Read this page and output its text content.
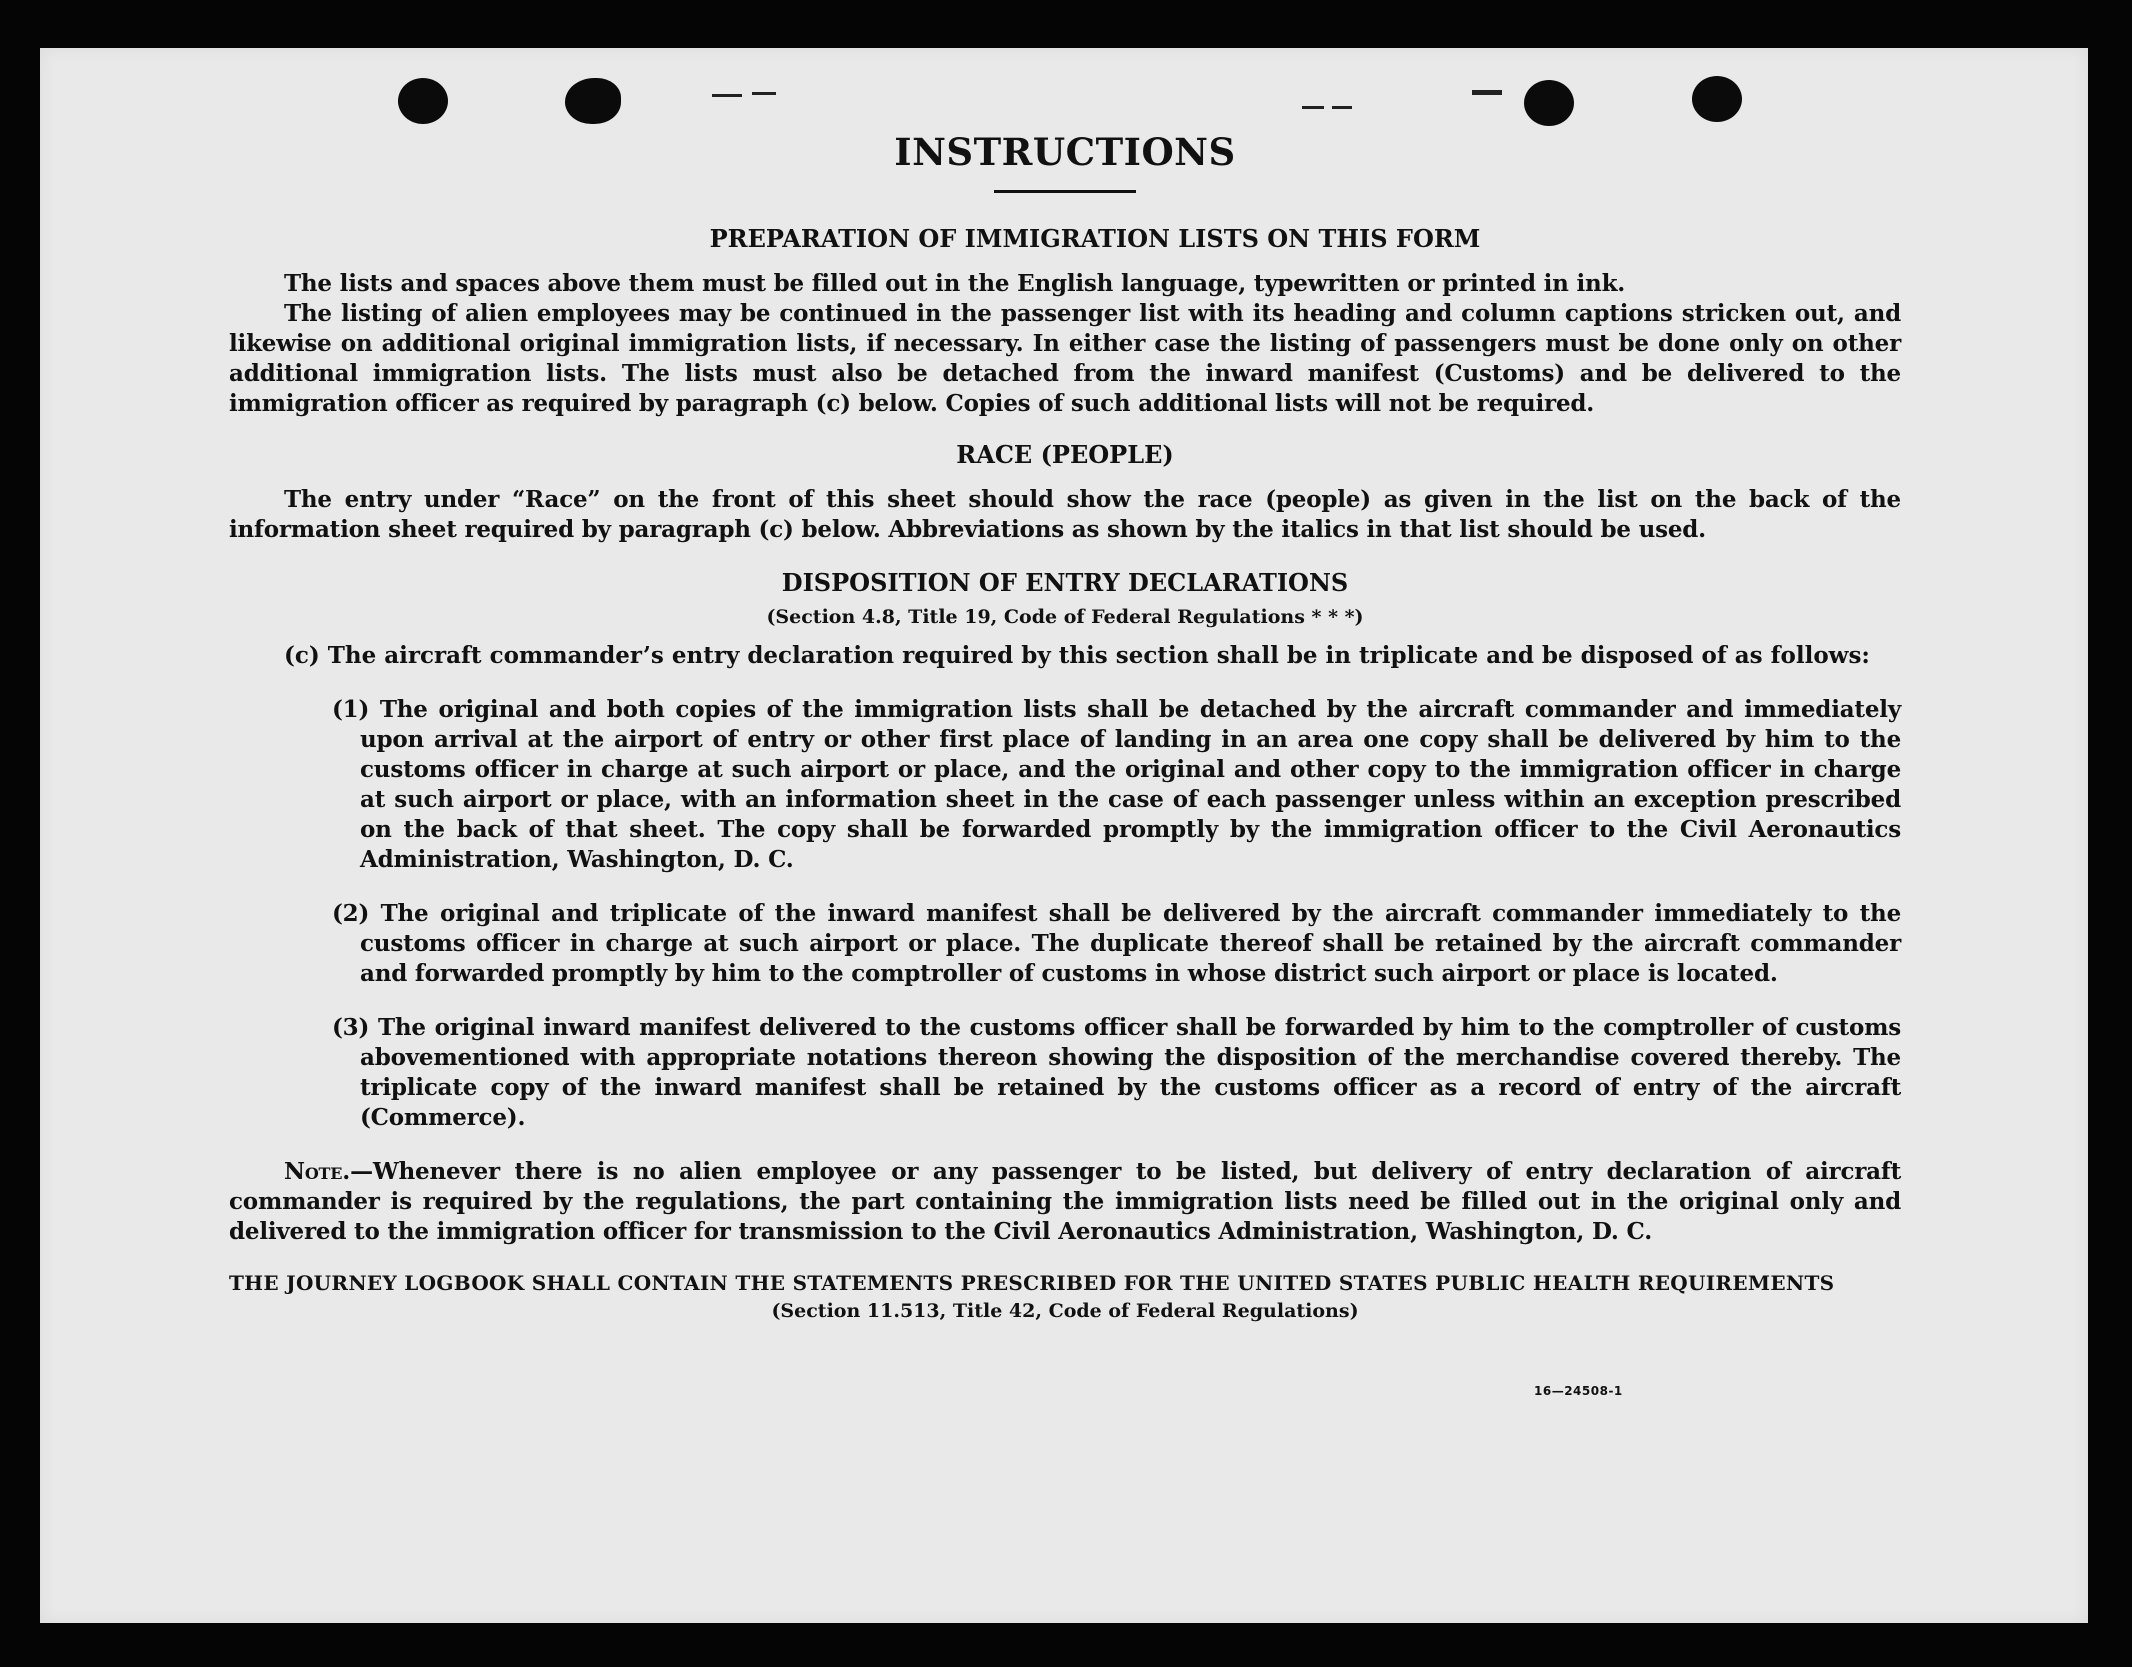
INSTRUCTIONS
PREPARATION OF IMMIGRATION LISTS ON THIS FORM

The lists and spaces above them must be filled out in the English language, typewritten or printed in ink.

The listing of alien employees may be continued in the passenger list with its heading and column captions stricken out, and likewise on additional original immigration lists, if necessary. In either case the listing of passengers must be done only on other additional immigration lists. The lists must also be detached from the inward manifest (Customs) and be delivered to the immigration officer as required by paragraph (c) below. Copies of such additional lists will not be required.

RACE (PEOPLE)

The entry under “Race” on the front of this sheet should show the race (people) as given in the list on the back of the information sheet required by paragraph (c) below. Abbreviations as shown by the italics in that list should be used.

DISPOSITION OF ENTRY DECLARATIONS

(Section 4.8, Title 19, Code of Federal Regulations * * *)

(c) The aircraft commander’s entry declaration required by this section shall be in triplicate and be disposed of as follows:

(1) The original and both copies of the immigration lists shall be detached by the aircraft commander and immediately upon arrival at the airport of entry or other first place of landing in an area one copy shall be delivered by him to the customs officer in charge at such airport or place, and the original and other copy to the immigration officer in charge at such airport or place, with an information sheet in the case of each passenger unless within an exception prescribed on the back of that sheet. The copy shall be forwarded promptly by the immigration officer to the Civil Aeronautics Administration, Washington, D. C.
(2) The original and triplicate of the inward manifest shall be delivered by the aircraft commander immediately to the customs officer in charge at such airport or place. The duplicate thereof shall be retained by the aircraft commander and forwarded promptly by him to the comptroller of customs in whose district such airport or place is located.
(3) The original inward manifest delivered to the customs officer shall be forwarded by him to the comptroller of customs abovementioned with appropriate notations thereon showing the disposition of the merchandise covered thereby. The triplicate copy of the inward manifest shall be retained by the customs officer as a record of entry of the aircraft (Commerce).

Note.—Whenever there is no alien employee or any passenger to be listed, but delivery of entry declaration of aircraft commander is required by the regulations, the part containing the immigration lists need be filled out in the original only and delivered to the immigration officer for transmission to the Civil Aeronautics Administration, Washington, D. C.

THE JOURNEY LOGBOOK SHALL CONTAIN THE STATEMENTS PRESCRIBED FOR THE UNITED STATES PUBLIC HEALTH REQUIREMENTS

(Section 11.513, Title 42, Code of Federal Regulations)

16—24508-1
